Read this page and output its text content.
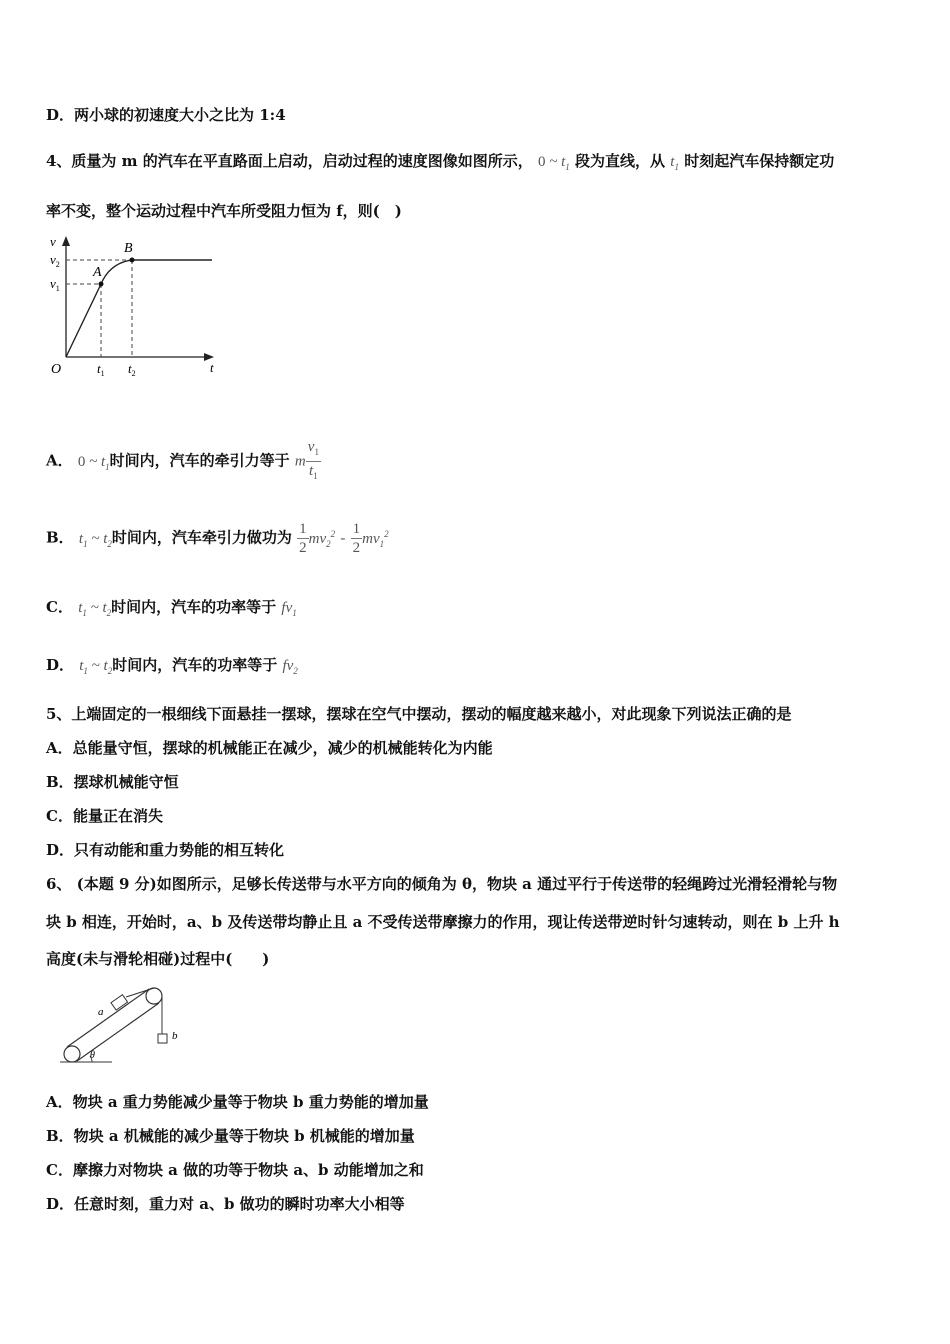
D．两小球的初速度大小之比为 1:4
4、质量为 m 的汽车在平直路面上启动，启动过程的速度图像如图所示， 0 ~ $t_1$ 段为直线，从 $t_1$ 时刻起汽车保持额定功
率不变，整个运动过程中汽车所受阻力恒为 f，则(　)
v
t
O
A
B
$v_1$
$v_2$
$t_1$ $t_2$
A． 0 ~ $t_1$时间内，汽车的牵引力等于 m $\frac{v_1}{t_1}$
B． $t_1$ ~ $t_2$时间内，汽车牵引力做功为 $\frac{1}{2} mv_2^2 - \frac{1}{2} mv_1^2$
C． $t_1$ ~ $t_2$时间内，汽车的功率等于 $fv_1$
D． $t_1$ ~ $t_2$时间内，汽车的功率等于 $fv_2$
5、上端固定的一根细线下面悬挂一摆球，摆球在空气中摆动，摆动的幅度越来越小，对此现象下列说法正确的是
A．总能量守恒，摆球的机械能正在减少，减少的机械能转化为内能
B．摆球机械能守恒
C．能量正在消失
D．只有动能和重力势能的相互转化
6、 (本题 9 分)如图所示，足够长传送带与水平方向的倾角为 θ，物块 a 通过平行于传送带的轻绳跨过光滑轻滑轮与物
块 b 相连，开始时，a、b 及传送带均静止且 a 不受传送带摩擦力的作用，现让传送带逆时针匀速转动，则在 b 上升 h
高度(未与滑轮相碰)过程中(　　)
a
b
θ
A．物块 a 重力势能减少量等于物块 b 重力势能的增加量
B．物块 a 机械能的减少量等于物块 b 机械能的增加量
C．摩擦力对物块 a 做的功等于物块 a、b 动能增加之和
D．任意时刻，重力对 a、b 做功的瞬时功率大小相等
